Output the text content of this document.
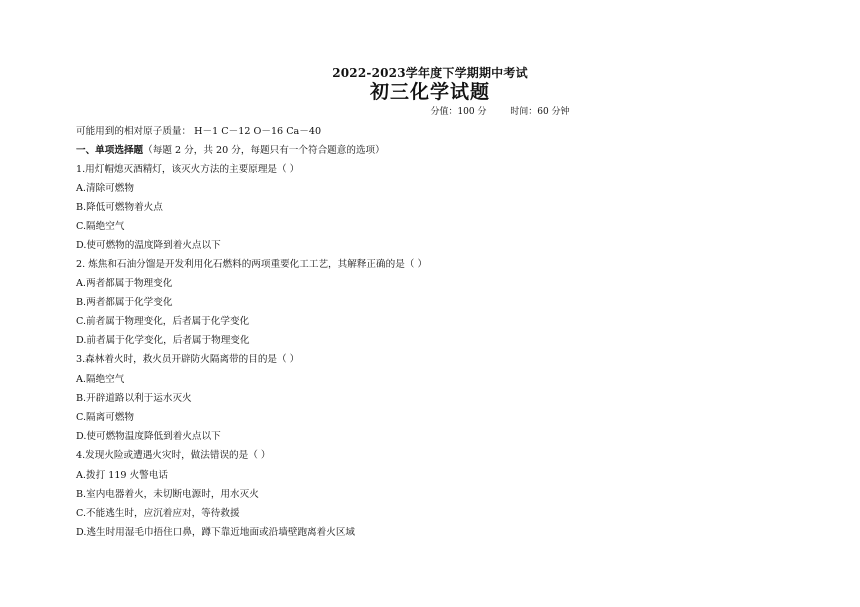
2022-2023学年度下学期期中考试
初三化学试题
分值：100 分	时间：60 分钟
可能用到的相对原子质量： H－1 C－12 O－16 Ca－40
一、单项选择题（每题 2 分，共 20 分，每题只有一个符合题意的选项）
1.用灯帽熄灭酒精灯，该灭火方法的主要原理是（ ）
A.清除可燃物
B.降低可燃物着火点
C.隔绝空气
D.使可燃物的温度降到着火点以下
2. 炼焦和石油分馏是开发利用化石燃料的两项重要化工工艺，其解释正确的是（ ）
A.两者都属于物理变化
B.两者都属于化学变化
C.前者属于物理变化，后者属于化学变化
D.前者属于化学变化，后者属于物理变化
3.森林着火时，救火员开辟防火隔离带的目的是（ ）
A.隔绝空气
B.开辟道路以利于运水灭火
C.隔离可燃物
D.使可燃物温度降低到着火点以下
4.发现火险或遭遇火灾时，做法错误的是（ ）
A.拨打 119 火警电话
B.室内电器着火，未切断电源时，用水灭火
C.不能逃生时，应沉着应对，等待救援
D.逃生时用湿毛巾捂住口鼻，蹲下靠近地面或沿墙壁跑离着火区域
